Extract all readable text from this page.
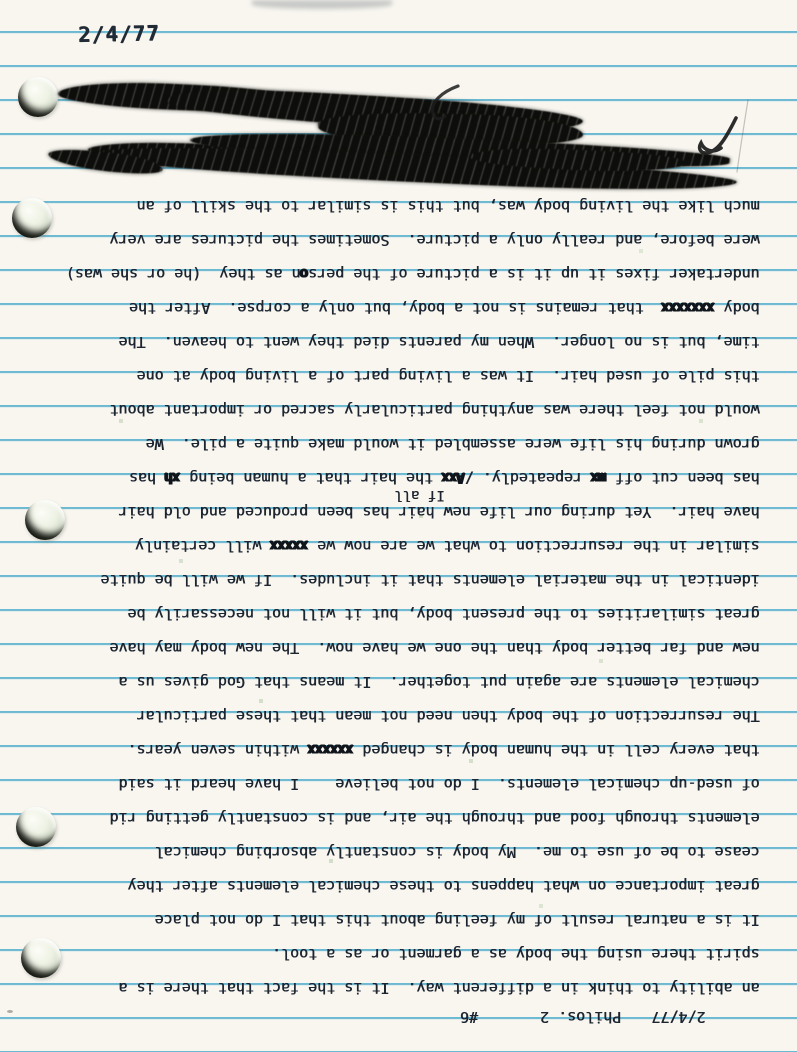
2/4/77

2/4/77Philos. 2#6

If all
an ability to think in a different way.  It is the fact that there is a
spirit there using the body as a garment or as a tool.
It is a natural result of my feeling about this that I do not place
great importance on what happens to these chemical elements after they
cease to be of use to me.  My body is constantly absorbing chemical
elements through food and through the air, and is constantly getting rid
of used-up chemical elements.  I do not believe    I have heard it said
that every cell in the human body is changed xxxxxx within seven years.
The resurrection of the body then need not mean that these particular
chemical elements are again put together.  It means that God gives us a
new and far better body than the one we have now.  The new body may have
great similarities to the present body, but it will not necessarily be
identical in the material elements that it includes.  If we will be quite
similar in the resurrection to what we are now we xxxxx will certainly
have hair.  Yet during our life new hair has been produced and old hair
has been cut off mx repeatedly. /Axx the hair that a human being xh has
grown during his life were assembled it would make quite a pile.  We
would not feel there was anything particularly sacred or important about
this pile of used hair.  It was a living part of a living body at one
time, but is no longer.  When my parents died they went to heaven.  The
body xxxxxxx  that remains is not a body, but only a corpse.  After the
undertaker fixes it up it is a picture of the person as they  (he or she was)
were before, and really only a picture.  Sometimes the pictures are very
much like the living body was, but this is similar to the skill of an
